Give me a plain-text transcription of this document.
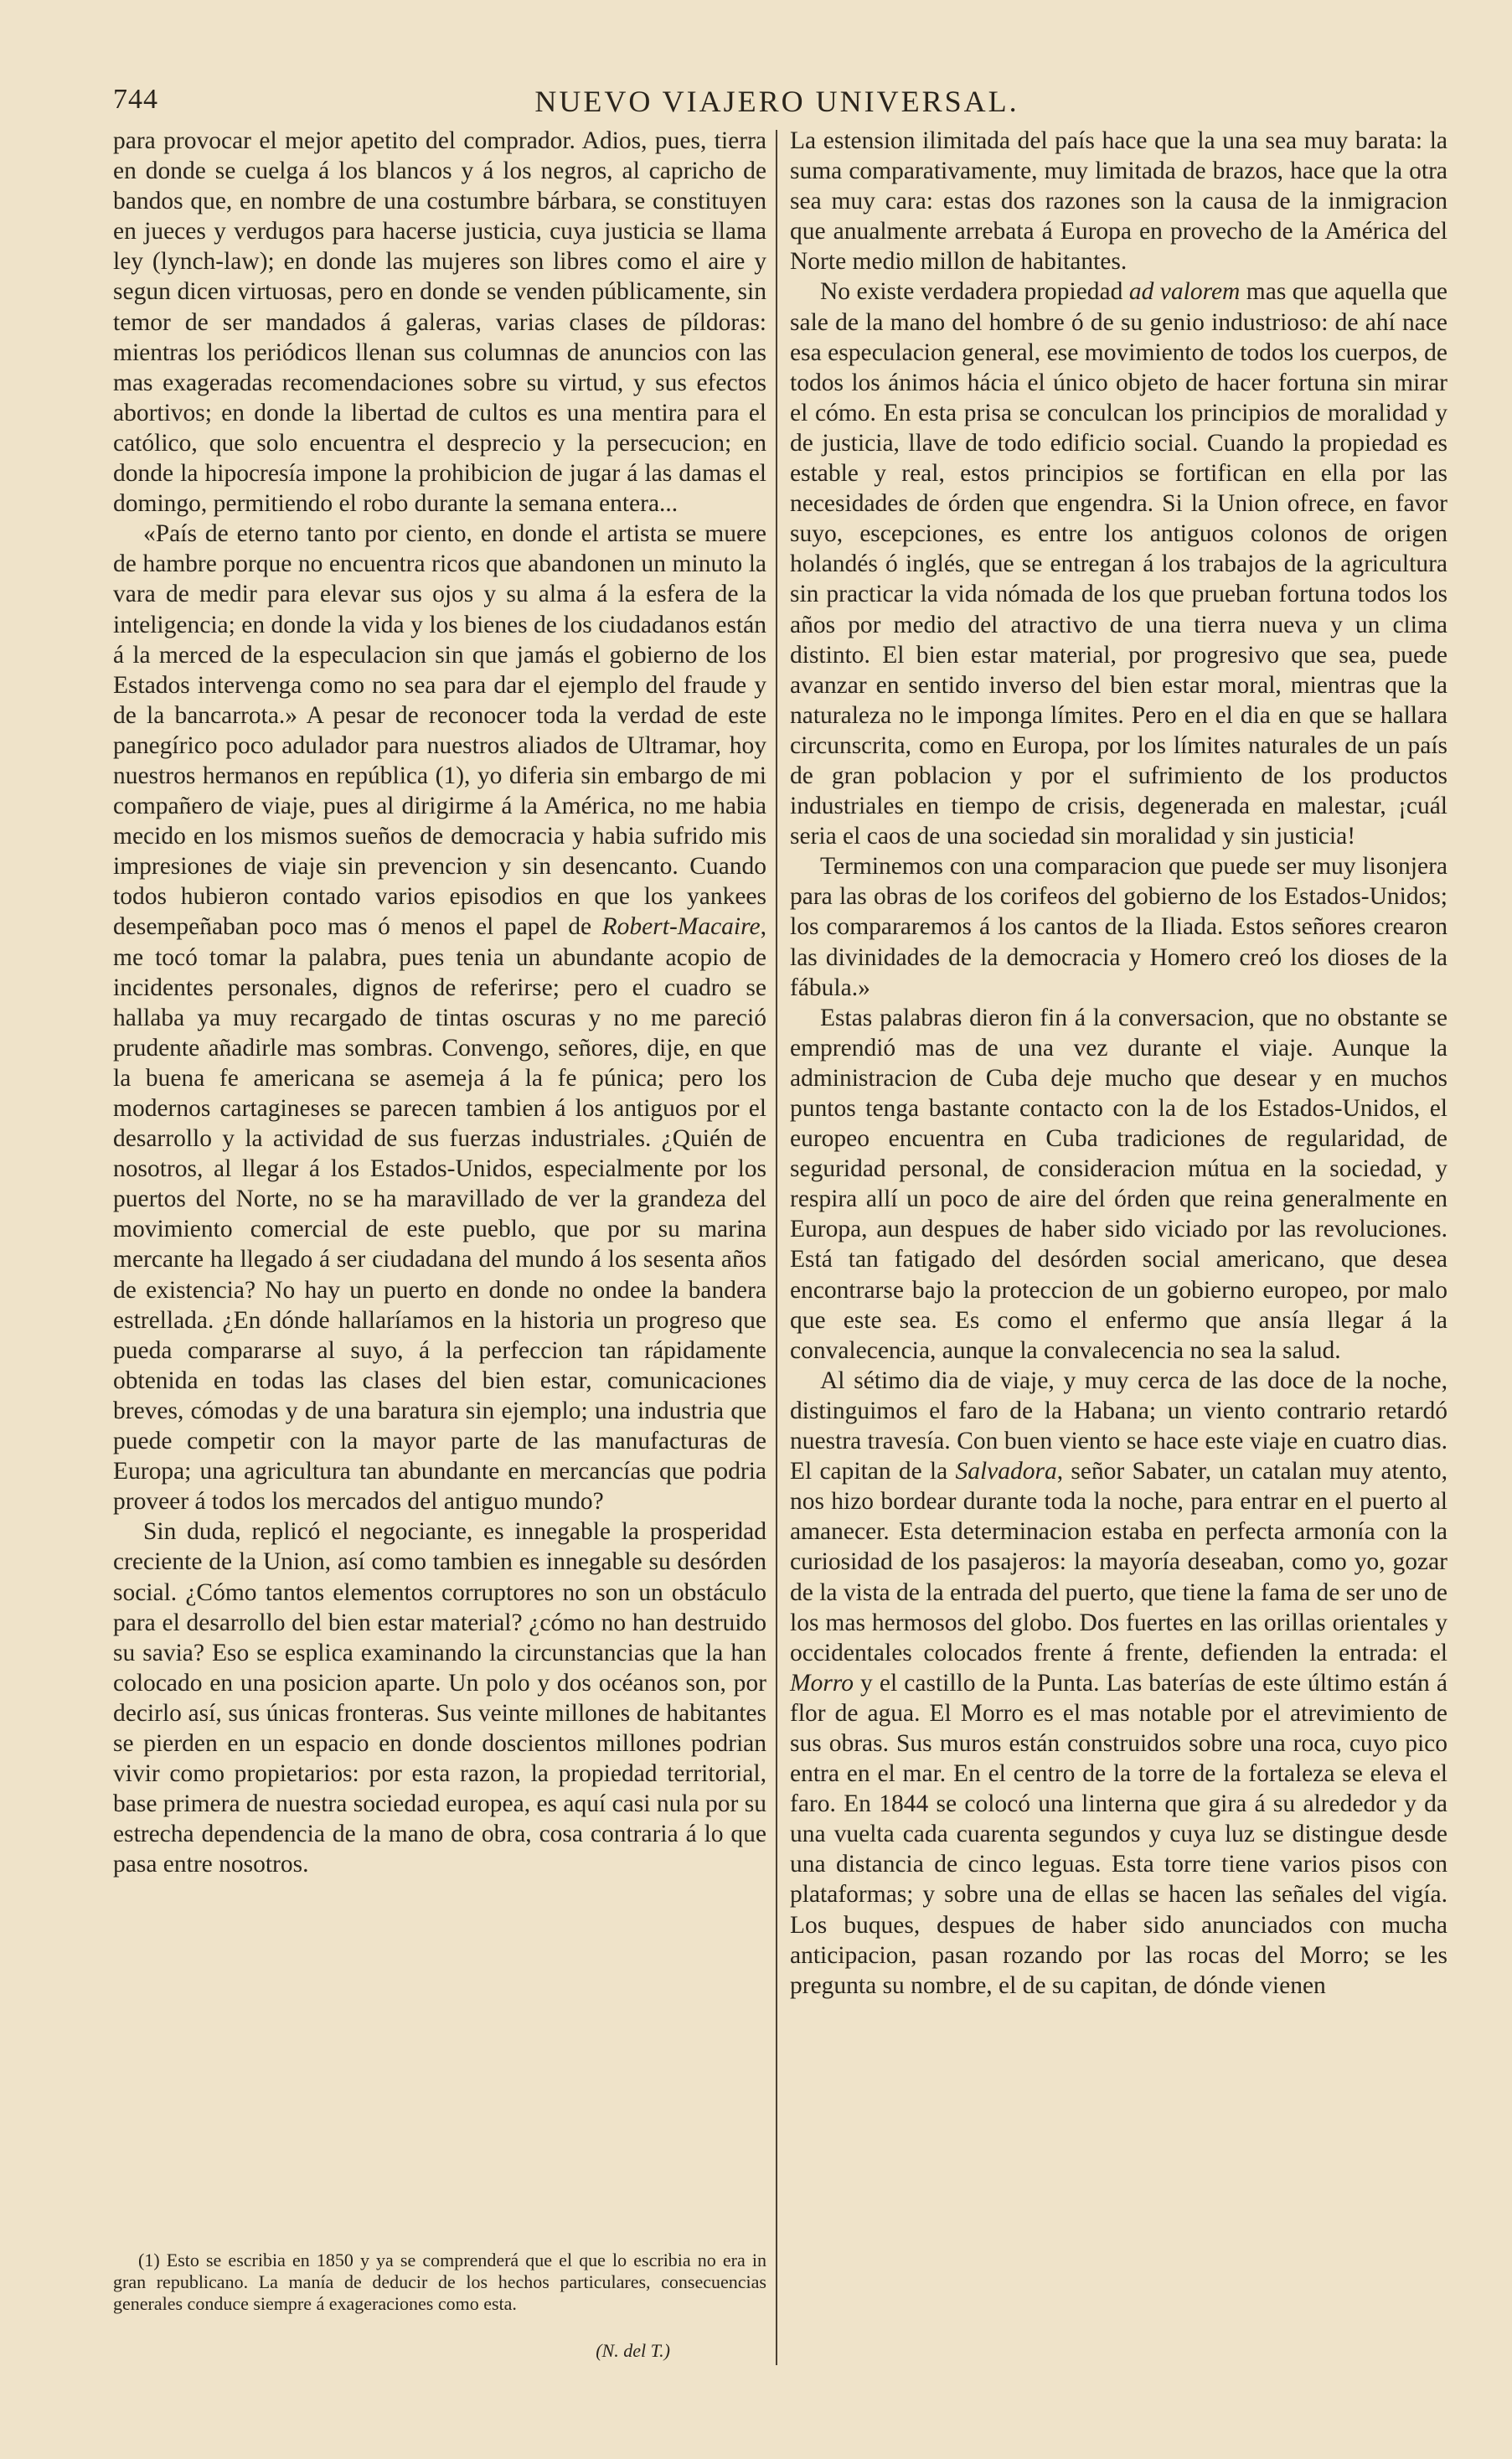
744	NUEVO VIAJERO UNIVERSAL.

para provocar el mejor apetito del comprador. Adios, pues, tierra en donde se cuelga á los blancos y á los negros, al capricho de bandos que, en nombre de una costumbre bárbara, se constituyen en jueces y verdugos para hacerse justicia, cuya justicia se llama ley (lynch-law); en donde las mujeres son libres como el aire y segun dicen virtuosas, pero en donde se venden públicamente, sin temor de ser mandados á galeras, varias clases de píldoras: mientras los periódicos llenan sus columnas de anuncios con las mas exageradas recomendaciones sobre su virtud, y sus efectos abortivos; en donde la libertad de cultos es una mentira para el católico, que solo encuentra el desprecio y la persecucion; en donde la hipocresía impone la prohibicion de jugar á las damas el domingo, permitiendo el robo durante la semana entera...

«País de eterno tanto por ciento, en donde el artista se muere de hambre porque no encuentra ricos que abandonen un minuto la vara de medir para elevar sus ojos y su alma á la esfera de la inteligencia; en donde la vida y los bienes de los ciudadanos están á la merced de la especulacion sin que jamás el gobierno de los Estados intervenga como no sea para dar el ejemplo del fraude y de la bancarrota.» A pesar de reconocer toda la verdad de este panegírico poco adulador para nuestros aliados de Ultramar, hoy nuestros hermanos en república (1), yo diferia sin embargo de mi compañero de viaje, pues al dirigirme á la América, no me habia mecido en los mismos sueños de democracia y habia sufrido mis impresiones de viaje sin prevencion y sin desencanto. Cuando todos hubieron contado varios episodios en que los yankees desempeñaban poco mas ó menos el papel de Robert-Macaire, me tocó tomar la palabra, pues tenia un abundante acopio de incidentes personales, dignos de referirse; pero el cuadro se hallaba ya muy recargado de tintas oscuras y no me pareció prudente añadirle mas sombras. Convengo, señores, dije, en que la buena fe americana se asemeja á la fe púnica; pero los modernos cartagineses se parecen tambien á los antiguos por el desarrollo y la actividad de sus fuerzas industriales. ¿Quién de nosotros, al llegar á los Estados-Unidos, especialmente por los puertos del Norte, no se ha maravillado de ver la grandeza del movimiento comercial de este pueblo, que por su marina mercante ha llegado á ser ciudadana del mundo á los sesenta años de existencia? No hay un puerto en donde no ondee la bandera estrellada. ¿En dónde hallaríamos en la historia un progreso que pueda compararse al suyo, á la perfeccion tan rápidamente obtenida en todas las clases del bien estar, comunicaciones breves, cómodas y de una baratura sin ejemplo; una industria que puede competir con la mayor parte de las manufacturas de Europa; una agricultura tan abundante en mercancías que podria proveer á todos los mercados del antiguo mundo?

Sin duda, replicó el negociante, es innegable la prosperidad creciente de la Union, así como tambien es innegable su desórden social. ¿Cómo tantos elementos corruptores no son un obstáculo para el desarrollo del bien estar material? ¿cómo no han destruido su savia? Eso se esplica examinando la circunstancias que la han colocado en una posicion aparte. Un polo y dos océanos son, por decirlo así, sus únicas fronteras. Sus veinte millones de habitantes se pierden en un espacio en donde doscientos millones podrian vivir como propietarios: por esta razon, la propiedad territorial, base primera de nuestra sociedad europea, es aquí casi nula por su estrecha dependencia de la mano de obra, cosa contraria á lo que pasa entre nosotros.

(1) Esto se escribia en 1850 y ya se comprenderá que el que lo escribia no era in gran republicano. La manía de deducir de los hechos particulares, consecuencias generales conduce siempre á exageraciones como esta.

(N. del T.)

La estension ilimitada del país hace que la una sea muy barata: la suma comparativamente, muy limitada de brazos, hace que la otra sea muy cara: estas dos razones son la causa de la inmigracion que anualmente arrebata á Europa en provecho de la América del Norte medio millon de habitantes.

No existe verdadera propiedad ad valorem mas que aquella que sale de la mano del hombre ó de su genio industrioso: de ahí nace esa especulacion general, ese movimiento de todos los cuerpos, de todos los ánimos hácia el único objeto de hacer fortuna sin mirar el cómo. En esta prisa se conculcan los principios de moralidad y de justicia, llave de todo edificio social. Cuando la propiedad es estable y real, estos principios se fortifican en ella por las necesidades de órden que engendra. Si la Union ofrece, en favor suyo, escepciones, es entre los antiguos colonos de origen holandés ó inglés, que se entregan á los trabajos de la agricultura sin practicar la vida nómada de los que prueban fortuna todos los años por medio del atractivo de una tierra nueva y un clima distinto. El bien estar material, por progresivo que sea, puede avanzar en sentido inverso del bien estar moral, mientras que la naturaleza no le imponga límites. Pero en el dia en que se hallara circunscrita, como en Europa, por los límites naturales de un país de gran poblacion y por el sufrimiento de los productos industriales en tiempo de crisis, degenerada en malestar, ¡cuál seria el caos de una sociedad sin moralidad y sin justicia!

Terminemos con una comparacion que puede ser muy lisonjera para las obras de los corifeos del gobierno de los Estados-Unidos; los compararemos á los cantos de la Iliada. Estos señores crearon las divinidades de la democracia y Homero creó los dioses de la fábula.»

Estas palabras dieron fin á la conversacion, que no obstante se emprendió mas de una vez durante el viaje. Aunque la administracion de Cuba deje mucho que desear y en muchos puntos tenga bastante contacto con la de los Estados-Unidos, el europeo encuentra en Cuba tradiciones de regularidad, de seguridad personal, de consideracion mútua en la sociedad, y respira allí un poco de aire del órden que reina generalmente en Europa, aun despues de haber sido viciado por las revoluciones. Está tan fatigado del desórden social americano, que desea encontrarse bajo la proteccion de un gobierno europeo, por malo que este sea. Es como el enfermo que ansía llegar á la convalecencia, aunque la convalecencia no sea la salud.

Al sétimo dia de viaje, y muy cerca de las doce de la noche, distinguimos el faro de la Habana; un viento contrario retardó nuestra travesía. Con buen viento se hace este viaje en cuatro dias. El capitan de la Salvadora, señor Sabater, un catalan muy atento, nos hizo bordear durante toda la noche, para entrar en el puerto al amanecer. Esta determinacion estaba en perfecta armonía con la curiosidad de los pasajeros: la mayoría deseaban, como yo, gozar de la vista de la entrada del puerto, que tiene la fama de ser uno de los mas hermosos del globo. Dos fuertes en las orillas orientales y occidentales colocados frente á frente, defienden la entrada: el Morro y el castillo de la Punta. Las baterías de este último están á flor de agua. El Morro es el mas notable por el atrevimiento de sus obras. Sus muros están construidos sobre una roca, cuyo pico entra en el mar. En el centro de la torre de la fortaleza se eleva el faro. En 1844 se colocó una linterna que gira á su alrededor y da una vuelta cada cuarenta segundos y cuya luz se distingue desde una distancia de cinco leguas. Esta torre tiene varios pisos con plataformas; y sobre una de ellas se hacen las señales del vigía. Los buques, despues de haber sido anunciados con mucha anticipacion, pasan rozando por las rocas del Morro; se les pregunta su nombre, el de su capitan, de dónde vienen
